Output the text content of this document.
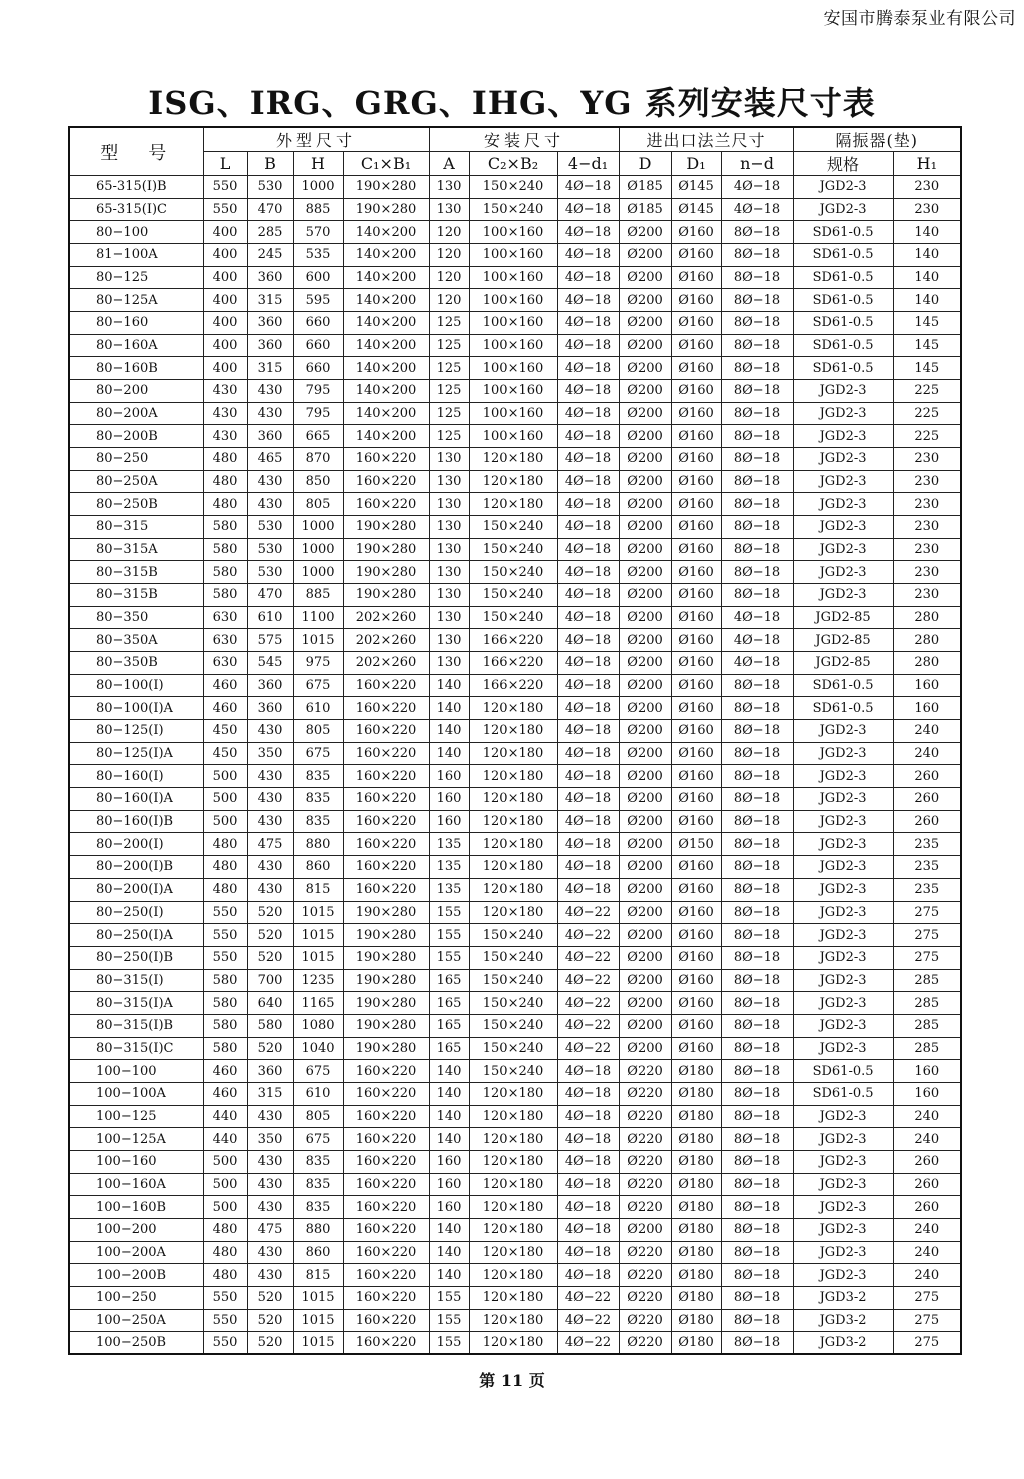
安国市腾泰泵业有限公司
ISG、IRG、GRG、IHG、YG 系列安装尺寸表
型　号	外型尺寸				安装尺寸			进出口法兰尺寸			隔振器(垫)	
	L	B	H	C₁×B₁	A	C₂×B₂	4−d₁	D	D₁	n−d	规格	H₁
65-315(I)B	550	530	1000	190×280	130	150×240	4Ø−18	Ø185	Ø145	4Ø−18	JGD2-3	230
65-315(I)C	550	470	885	190×280	130	150×240	4Ø−18	Ø185	Ø145	4Ø−18	JGD2-3	230
80−100	400	285	570	140×200	120	100×160	4Ø−18	Ø200	Ø160	8Ø−18	SD61-0.5	140
81−100A	400	245	535	140×200	120	100×160	4Ø−18	Ø200	Ø160	8Ø−18	SD61-0.5	140
80−125	400	360	600	140×200	120	100×160	4Ø−18	Ø200	Ø160	8Ø−18	SD61-0.5	140
80−125A	400	315	595	140×200	120	100×160	4Ø−18	Ø200	Ø160	8Ø−18	SD61-0.5	140
80−160	400	360	660	140×200	125	100×160	4Ø−18	Ø200	Ø160	8Ø−18	SD61-0.5	145
80−160A	400	360	660	140×200	125	100×160	4Ø−18	Ø200	Ø160	8Ø−18	SD61-0.5	145
80−160B	400	315	660	140×200	125	100×160	4Ø−18	Ø200	Ø160	8Ø−18	SD61-0.5	145
80−200	430	430	795	140×200	125	100×160	4Ø−18	Ø200	Ø160	8Ø−18	JGD2-3	225
80−200A	430	430	795	140×200	125	100×160	4Ø−18	Ø200	Ø160	8Ø−18	JGD2-3	225
80−200B	430	360	665	140×200	125	100×160	4Ø−18	Ø200	Ø160	8Ø−18	JGD2-3	225
80−250	480	465	870	160×220	130	120×180	4Ø−18	Ø200	Ø160	8Ø−18	JGD2-3	230
80−250A	480	430	850	160×220	130	120×180	4Ø−18	Ø200	Ø160	8Ø−18	JGD2-3	230
80−250B	480	430	805	160×220	130	120×180	4Ø−18	Ø200	Ø160	8Ø−18	JGD2-3	230
80−315	580	530	1000	190×280	130	150×240	4Ø−18	Ø200	Ø160	8Ø−18	JGD2-3	230
80−315A	580	530	1000	190×280	130	150×240	4Ø−18	Ø200	Ø160	8Ø−18	JGD2-3	230
80−315B	580	530	1000	190×280	130	150×240	4Ø−18	Ø200	Ø160	8Ø−18	JGD2-3	230
80−315B	580	470	885	190×280	130	150×240	4Ø−18	Ø200	Ø160	8Ø−18	JGD2-3	230
80−350	630	610	1100	202×260	130	150×240	4Ø−18	Ø200	Ø160	4Ø−18	JGD2-85	280
80−350A	630	575	1015	202×260	130	166×220	4Ø−18	Ø200	Ø160	4Ø−18	JGD2-85	280
80−350B	630	545	975	202×260	130	166×220	4Ø−18	Ø200	Ø160	4Ø−18	JGD2-85	280
80−100(I)	460	360	675	160×220	140	166×220	4Ø−18	Ø200	Ø160	8Ø−18	SD61-0.5	160
80−100(I)A	460	360	610	160×220	140	120×180	4Ø−18	Ø200	Ø160	8Ø−18	SD61-0.5	160
80−125(I)	450	430	805	160×220	140	120×180	4Ø−18	Ø200	Ø160	8Ø−18	JGD2-3	240
80−125(I)A	450	350	675	160×220	140	120×180	4Ø−18	Ø200	Ø160	8Ø−18	JGD2-3	240
80−160(I)	500	430	835	160×220	160	120×180	4Ø−18	Ø200	Ø160	8Ø−18	JGD2-3	260
80−160(I)A	500	430	835	160×220	160	120×180	4Ø−18	Ø200	Ø160	8Ø−18	JGD2-3	260
80−160(I)B	500	430	835	160×220	160	120×180	4Ø−18	Ø200	Ø160	8Ø−18	JGD2-3	260
80−200(I)	480	475	880	160×220	135	120×180	4Ø−18	Ø200	Ø150	8Ø−18	JGD2-3	235
80−200(I)B	480	430	860	160×220	135	120×180	4Ø−18	Ø200	Ø160	8Ø−18	JGD2-3	235
80−200(I)A	480	430	815	160×220	135	120×180	4Ø−18	Ø200	Ø160	8Ø−18	JGD2-3	235
80−250(I)	550	520	1015	190×280	155	120×180	4Ø−22	Ø200	Ø160	8Ø−18	JGD2-3	275
80−250(I)A	550	520	1015	190×280	155	150×240	4Ø−22	Ø200	Ø160	8Ø−18	JGD2-3	275
80−250(I)B	550	520	1015	190×280	155	150×240	4Ø−22	Ø200	Ø160	8Ø−18	JGD2-3	275
80−315(I)	580	700	1235	190×280	165	150×240	4Ø−22	Ø200	Ø160	8Ø−18	JGD2-3	285
80−315(I)A	580	640	1165	190×280	165	150×240	4Ø−22	Ø200	Ø160	8Ø−18	JGD2-3	285
80−315(I)B	580	580	1080	190×280	165	150×240	4Ø−22	Ø200	Ø160	8Ø−18	JGD2-3	285
80−315(I)C	580	520	1040	190×280	165	150×240	4Ø−22	Ø200	Ø160	8Ø−18	JGD2-3	285
100−100	460	360	675	160×220	140	150×240	4Ø−18	Ø220	Ø180	8Ø−18	SD61-0.5	160
100−100A	460	315	610	160×220	140	120×180	4Ø−18	Ø220	Ø180	8Ø−18	SD61-0.5	160
100−125	440	430	805	160×220	140	120×180	4Ø−18	Ø220	Ø180	8Ø−18	JGD2-3	240
100−125A	440	350	675	160×220	140	120×180	4Ø−18	Ø220	Ø180	8Ø−18	JGD2-3	240
100−160	500	430	835	160×220	160	120×180	4Ø−18	Ø220	Ø180	8Ø−18	JGD2-3	260
100−160A	500	430	835	160×220	160	120×180	4Ø−18	Ø220	Ø180	8Ø−18	JGD2-3	260
100−160B	500	430	835	160×220	160	120×180	4Ø−18	Ø220	Ø180	8Ø−18	JGD2-3	260
100−200	480	475	880	160×220	140	120×180	4Ø−18	Ø200	Ø180	8Ø−18	JGD2-3	240
100−200A	480	430	860	160×220	140	120×180	4Ø−18	Ø220	Ø180	8Ø−18	JGD2-3	240
100−200B	480	430	815	160×220	140	120×180	4Ø−18	Ø220	Ø180	8Ø−18	JGD2-3	240
100−250	550	520	1015	160×220	155	120×180	4Ø−22	Ø220	Ø180	8Ø−18	JGD3-2	275
100−250A	550	520	1015	160×220	155	120×180	4Ø−22	Ø220	Ø180	8Ø−18	JGD3-2	275
100−250B	550	520	1015	160×220	155	120×180	4Ø−22	Ø220	Ø180	8Ø−18	JGD3-2	275
第 11 页
